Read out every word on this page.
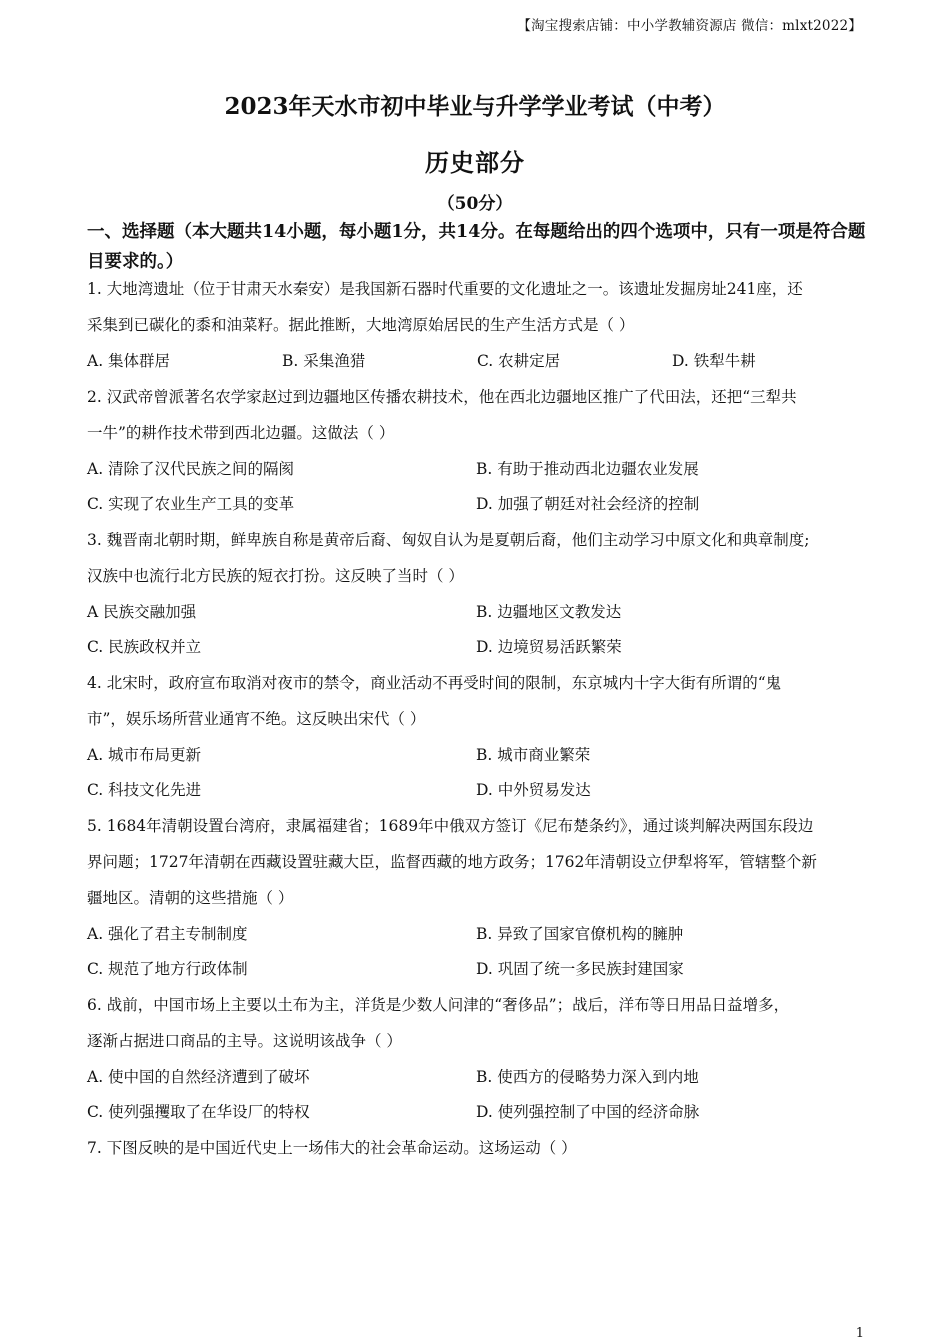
【淘宝搜索店铺：中小学教辅资源店 微信：mlxt2022】
2023年天水市初中毕业与升学学业考试（中考）
历史部分
（50分）
一、选择题（本大题共14小题，每小题1分，共14分。在每题给出的四个选项中，只有一项是符合题目要求的。）
1. 大地湾遗址（位于甘肃天水秦安）是我国新石器时代重要的文化遗址之一。该遗址发掘房址241座，还
采集到已碳化的黍和油菜籽。据此推断，大地湾原始居民的生产生活方式是（ ）
A. 集体群居	B. 采集渔猎	C. 农耕定居	D. 铁犁牛耕
2. 汉武帝曾派著名农学家赵过到边疆地区传播农耕技术，他在西北边疆地区推广了代田法，还把“三犁共
一牛”的耕作技术带到西北边疆。这做法（ ）
A. 清除了汉代民族之间的隔阂	B. 有助于推动西北边疆农业发展
C. 实现了农业生产工具的变革	D. 加强了朝廷对社会经济的控制
3. 魏晋南北朝时期，鲜卑族自称是黄帝后裔、匈奴自认为是夏朝后裔，他们主动学习中原文化和典章制度;
汉族中也流行北方民族的短衣打扮。这反映了当时（ ）
A 民族交融加强	B. 边疆地区文教发达
C. 民族政权并立	D. 边境贸易活跃繁荣
4. 北宋时，政府宣布取消对夜市的禁令，商业活动不再受时间的限制，东京城内十字大街有所谓的“鬼
市”，娱乐场所营业通宵不绝。这反映出宋代（ ）
A. 城市布局更新	B. 城市商业繁荣
C. 科技文化先进	D. 中外贸易发达
5. 1684年清朝设置台湾府，隶属福建省；1689年中俄双方签订《尼布楚条约》，通过谈判解决两国东段边
界问题；1727年清朝在西藏设置驻藏大臣，监督西藏的地方政务；1762年清朝设立伊犁将军，管辖整个新
疆地区。清朝的这些措施（ ）
A. 强化了君主专制制度	B. 异致了国家官僚机构的臃肿
C. 规范了地方行政体制	D. 巩固了统一多民族封建国家
6. 战前，中国市场上主要以土布为主，洋货是少数人问津的“奢侈品”；战后，洋布等日用品日益增多，
逐渐占据进口商品的主导。这说明该战争（ ）
A. 使中国的自然经济遭到了破坏	B. 使西方的侵略势力深入到内地
C. 使列强攫取了在华设厂的特权	D. 使列强控制了中国的经济命脉
7. 下图反映的是中国近代史上一场伟大的社会革命运动。这场运动（ ）
1
